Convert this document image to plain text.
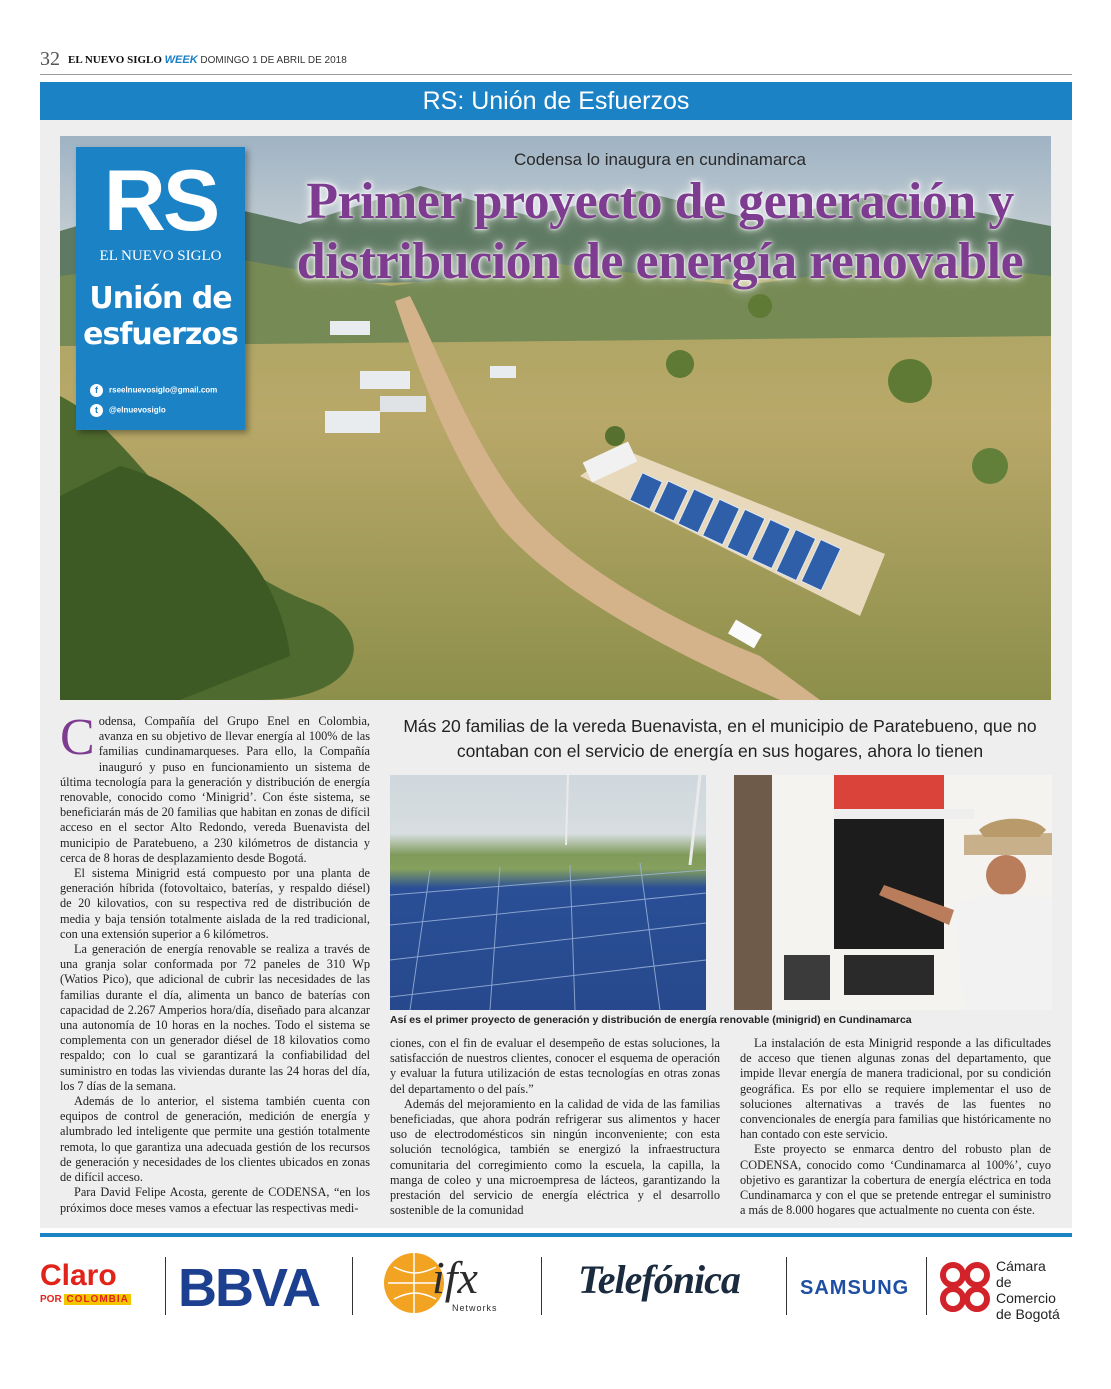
32 EL NUEVO SIGLO WEEK DOMINGO 1 DE ABRIL DE 2018
RS: Unión de Esfuerzos
RS
EL NUEVO SIGLO
Unión de esfuerzos
f rseelnuevosiglo@gmail.com
t @elnuevosiglo
Codensa lo inaugura en cundinamarca
Primer proyecto de generación y distribución de energía renovable

Codensa, Compañía del Grupo Enel en Colombia, avanza en su objetivo de llevar energía al 100% de las familias cundinamarqueses. Para ello, la Compañía inauguró y puso en funcionamiento un sistema de última tecnología para la generación y distribución de energía renovable, conocido como ‘Minigrid’. Con éste sistema, se beneficiarán más de 20 familias que habitan en zonas de difícil acceso en el sector Alto Redondo, vereda Buenavista del municipio de Paratebueno, a 230 kilómetros de distancia y cerca de 8 horas de desplazamiento desde Bogotá.

El sistema Minigrid está compuesto por una planta de generación híbrida (fotovoltaico, baterías, y respaldo diésel) de 20 kilovatios, con su respectiva red de distribución de media y baja tensión totalmente aislada de la red tradicional, con una extensión superior a 6 kilómetros.

La generación de energía renovable se realiza a través de una granja solar conformada por 72 paneles de 310 Wp (Watios Pico), que adicional de cubrir las necesidades de las familias durante el día, alimenta un banco de baterías con capacidad de 2.267 Amperios hora/día, diseñado para alcanzar una autonomía de 10 horas en la noches. Todo el sistema se complementa con un generador diésel de 18 kilovatios como respaldo; con lo cual se garantizará la confiabilidad del suministro en todas las viviendas durante las 24 horas del día, los 7 días de la semana.

Además de lo anterior, el sistema también cuenta con equipos de control de generación, medición de energía y alumbrado led inteligente que permite una gestión totalmente remota, lo que garantiza una adecuada gestión de los recursos de generación y necesidades de los clientes ubicados en zonas de difícil acceso.

Para David Felipe Acosta, gerente de CODENSA, “en los próximos doce meses vamos a efectuar las respectivas medi-

Más 20 familias de la vereda Buenavista, en el municipio de Paratebueno, que no contaban con el servicio de energía en sus hogares, ahora lo tienen
Así es el primer proyecto de generación y distribución de energía renovable (minigrid) en Cundinamarca

ciones, con el fin de evaluar el desempeño de estas soluciones, la satisfacción de nuestros clientes, conocer el esquema de operación y evaluar la futura utilización de estas tecnologías en otras zonas del departamento o del país.”

Además del mejoramiento en la calidad de vida de las familias beneficiadas, que ahora podrán refrigerar sus alimentos y hacer uso de electrodomésticos sin ningún inconveniente; con esta solución tecnológica, también se energizó la infraestructura comunitaria del corregimiento como la escuela, la capilla, la manga de coleo y una microempresa de lácteos, garantizando la prestación del servicio de energía eléctrica y el desarrollo sostenible de la comunidad

La instalación de esta Minigrid responde a las dificultades de acceso que tienen algunas zonas del departamento, que impide llevar energía de manera tradicional, por su condición geográfica. Es por ello se requiere implementar el uso de soluciones alternativas a través de las fuentes no convencionales de energía para familias que históricamente no han contado con este servicio.

Este proyecto se enmarca dentro del robusto plan de CODENSA, conocido como ‘Cundinamarca al 100%’, cuyo objetivo es garantizar la cobertura de energía eléctrica en toda Cundinamarca y con el que se pretende entregar el suministro a más de 8.000 hogares que actualmente no cuenta con éste.

Claro
POR COLOMBIA BBVA	ifx
Networks
Telefónica	SAMSUNG
Cámara
de Comercio
de Bogotá
